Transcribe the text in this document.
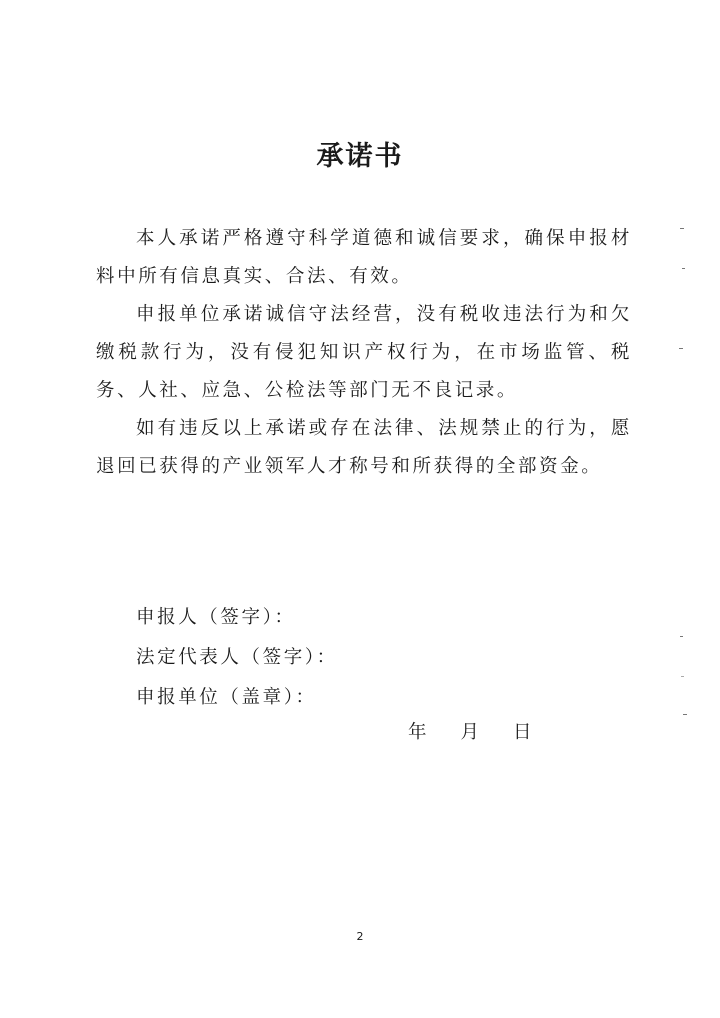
承诺书

本人承诺严格遵守科学道德和诚信要求，确保申报材料中所有信息真实、合法、有效。

申报单位承诺诚信守法经营，没有税收违法行为和欠缴税款行为，没有侵犯知识产权行为，在市场监管、税务、人社、应急、公检法等部门无不良记录。

如有违反以上承诺或存在法律、法规禁止的行为，愿退回已获得的产业领军人才称号和所获得的全部资金。

申报人（签字）：
法定代表人（签字）：
申报单位（盖章）：
年 月 日
2
